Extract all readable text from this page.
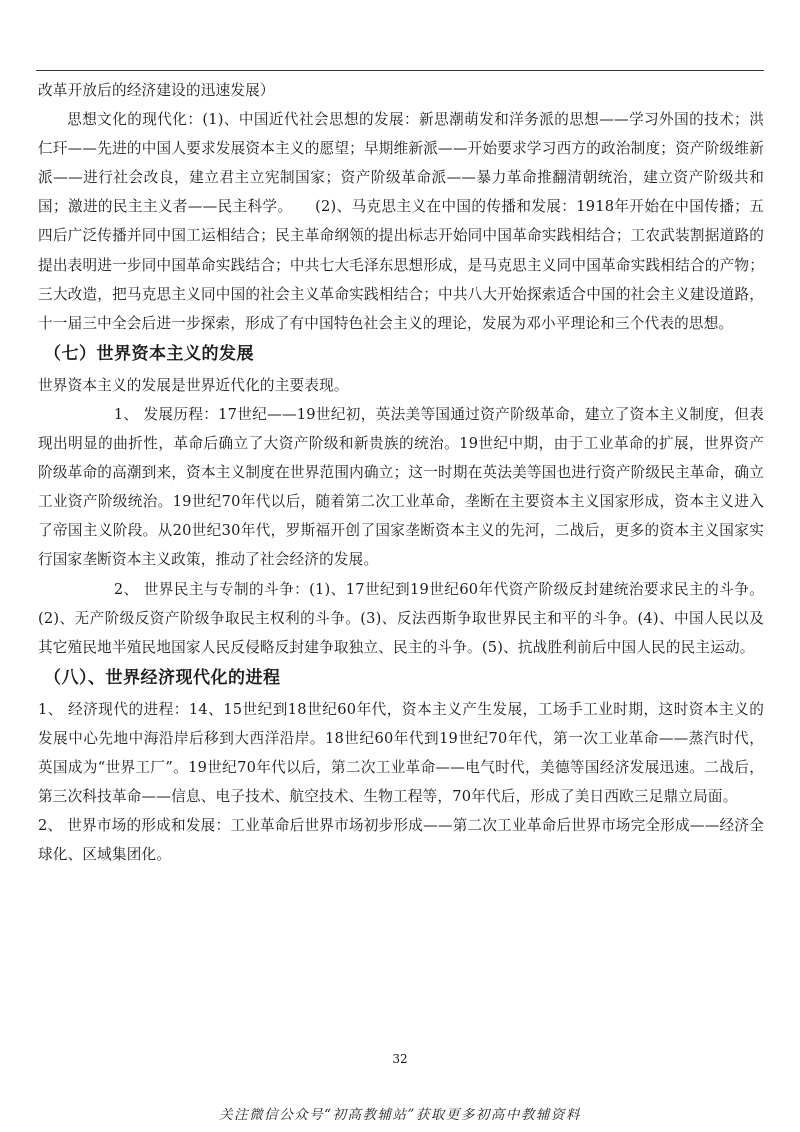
改革开放后的经济建设的迅速发展）

思想文化的现代化：(1)、中国近代社会思想的发展：新思潮萌发和洋务派的思想——学习外国的技术；洪仁玕——先进的中国人要求发展资本主义的愿望；早期维新派——开始要求学习西方的政治制度；资产阶级维新派——进行社会改良，建立君主立宪制国家；资产阶级革命派——暴力革命推翻清朝统治，建立资产阶级共和国；激进的民主主义者——民主科学。　　(2)、马克思主义在中国的传播和发展：1918年开始在中国传播；五四后广泛传播并同中国工运相结合；民主革命纲领的提出标志开始同中国革命实践相结合；工农武装割据道路的提出表明进一步同中国革命实践结合；中共七大毛泽东思想形成，是马克思主义同中国革命实践相结合的产物；三大改造，把马克思主义同中国的社会主义革命实践相结合；中共八大开始探索适合中国的社会主义建设道路，十一届三中全会后进一步探索，形成了有中国特色社会主义的理论，发展为邓小平理论和三个代表的思想。

（七）世界资本主义的发展

世界资本主义的发展是世界近代化的主要表现。

1、 发展历程：17世纪——19世纪初，英法美等国通过资产阶级革命，建立了资本主义制度，但表现出明显的曲折性，革命后确立了大资产阶级和新贵族的统治。19世纪中期，由于工业革命的扩展，世界资产阶级革命的高潮到来，资本主义制度在世界范围内确立；这一时期在英法美等国也进行资产阶级民主革命，确立工业资产阶级统治。19世纪70年代以后，随着第二次工业革命，垄断在主要资本主义国家形成，资本主义进入了帝国主义阶段。从20世纪30年代，罗斯福开创了国家垄断资本主义的先河，二战后，更多的资本主义国家实行国家垄断资本主义政策，推动了社会经济的发展。

2、 世界民主与专制的斗争：(1)、17世纪到19世纪60年代资产阶级反封建统治要求民主的斗争。(2)、无产阶级反资产阶级争取民主权利的斗争。(3)、反法西斯争取世界民主和平的斗争。(4)、中国人民以及其它殖民地半殖民地国家人民反侵略反封建争取独立、民主的斗争。(5)、抗战胜利前后中国人民的民主运动。

（八）、世界经济现代化的进程

1、 经济现代的进程：14、15世纪到18世纪60年代，资本主义产生发展，工场手工业时期，这时资本主义的发展中心先地中海沿岸后移到大西洋沿岸。18世纪60年代到19世纪70年代，第一次工业革命——蒸汽时代，英国成为“世界工厂”。19世纪70年代以后，第二次工业革命——电气时代，美德等国经济发展迅速。二战后，第三次科技革命——信息、电子技术、航空技术、生物工程等，70年代后，形成了美日西欧三足鼎立局面。

2、 世界市场的形成和发展：工业革命后世界市场初步形成——第二次工业革命后世界市场完全形成——经济全球化、区域集团化。

32
关注微信公众号“初高教辅站”获取更多初高中教辅资料
